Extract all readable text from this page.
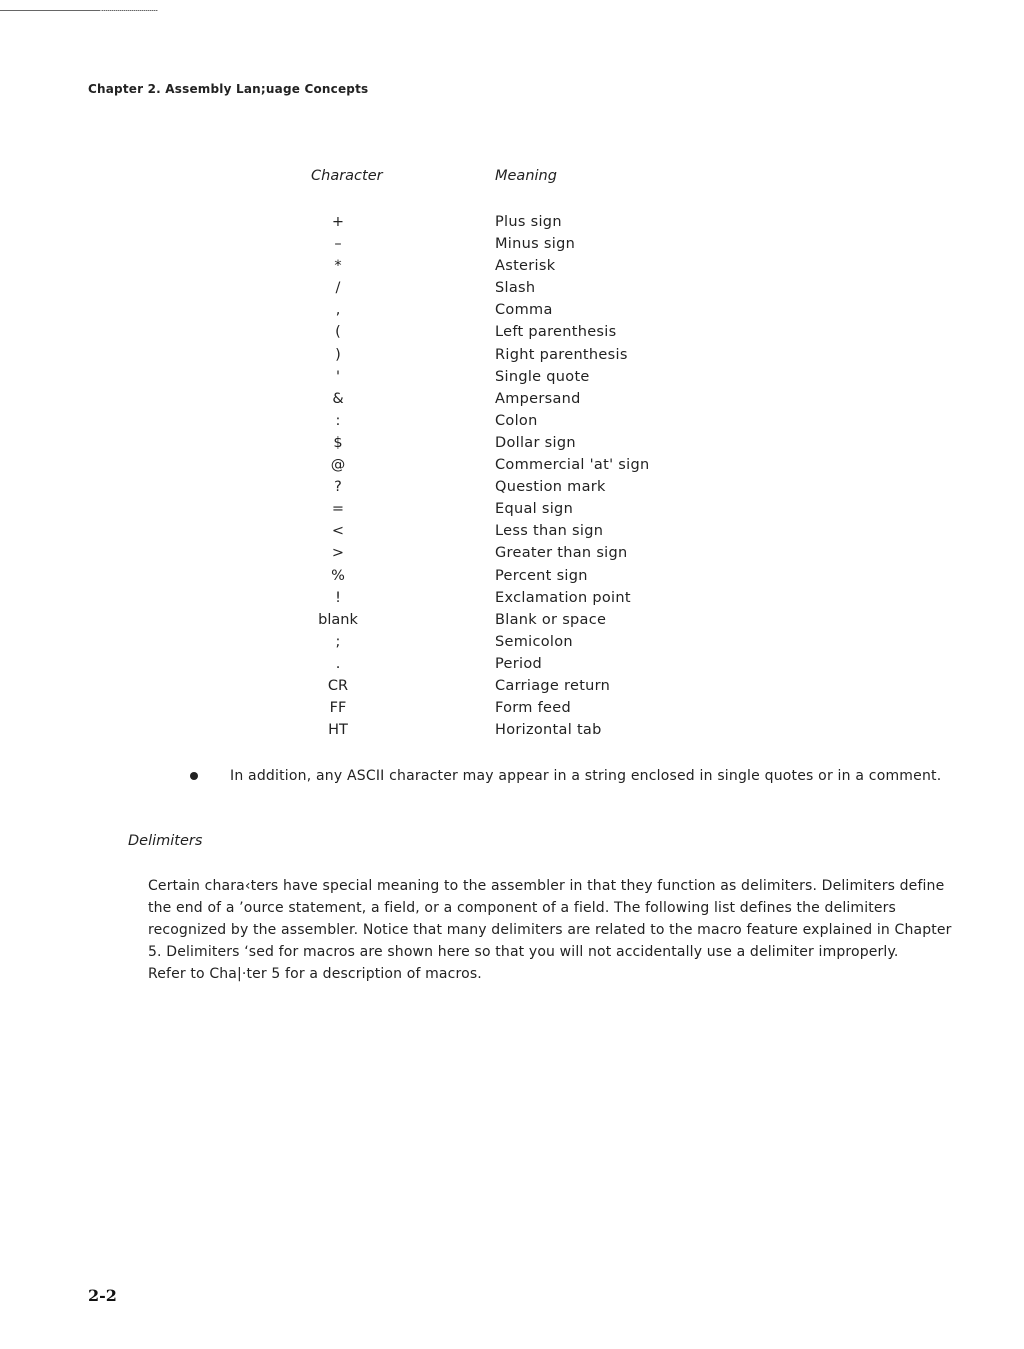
Chapter 2. Assembly Lan;uage Concepts
Character	Meaning
+	Plus sign
–	Minus sign
*	Asterisk
/	Slash
,	Comma
(	Left parenthesis
)	Right parenthesis
'	Single quote
&	Ampersand
:	Colon
$	Dollar sign
@	Commercial 'at' sign
?	Question mark
=	Equal sign
<	Less than sign
>	Greater than sign
%	Percent sign
!	Exclamation point
blank	Blank or space
;	Semicolon
.	Period
CR	Carriage return
FF	Form feed
HT	Horizontal tab
In addition, any ASCII character may appear in a string enclosed in single quotes or in a comment.
Delimiters
Certain chara‹ters have special meaning to the assembler in that they function as delimiters. Delimiters define
the end of a ’ource statement, a field, or a component of a field. The following list defines the delimiters
recognized by the assembler. Notice that many delimiters are related to the macro feature explained in Chapter
5. Delimiters ‘sed for macros are shown here so that you will not accidentally use a delimiter improperly.
Refer to Cha|·ter 5 for a description of macros.
2-2
